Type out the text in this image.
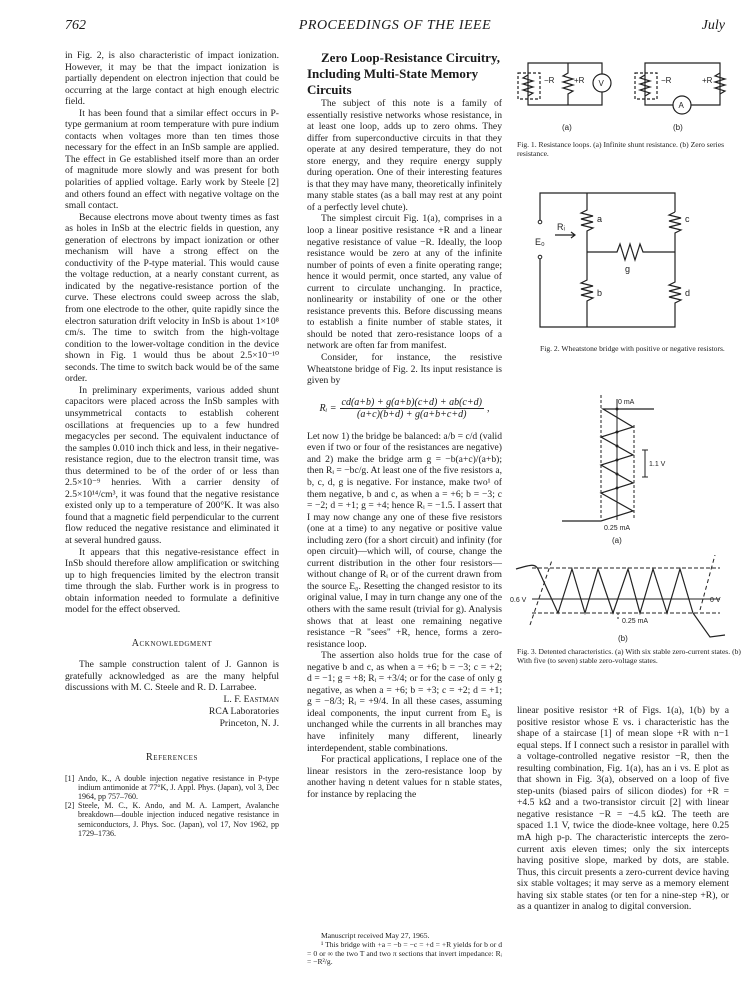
762	PROCEEDINGS OF THE IEEE	July

in Fig. 2, is also characteristic of impact ionization. However, it may be that the impact ionization is partially dependent on electron injection that could be occurring at the large contact at high enough electric field.

It has been found that a similar effect occurs in P-type germanium at room temperature with pure indium contacts when voltages more than ten times those necessary for the effect in an InSb sample are applied. The effect in Ge established itself more than an order of magnitude more slowly and was present for both polarities of applied voltage. Early work by Steele [2] and others found an effect with negative voltage on the small contact.

Because electrons move about twenty times as fast as holes in InSb at the electric fields in question, any generation of electrons by impact ionization or other mechanism will have a strong effect on the conductivity of the P-type material. This would cause the voltage reduction, at a nearly constant current, as indicated by the negative-resistance portion of the curve. These electrons could sweep across the slab, from one electrode to the other, quite rapidly since the electron saturation drift velocity in InSb is about 1×10⁸ cm/s. The time to switch from the high-voltage condition to the lower-voltage condition in the device shown in Fig. 1 would thus be about 2.5×10⁻¹⁰ seconds. The time to switch back would be of the same order.

In preliminary experiments, various added shunt capacitors were placed across the InSb samples with unsymmetrical contacts to establish coherent oscillations at frequencies up to a few hundred megacycles per second. The equivalent inductance of the samples 0.010 inch thick and less, in their negative-resistance region, due to the electron transit time, was thus determined to be of the order of or less than 2.5×10⁻⁹ henries. With a carrier density of 2.5×10¹⁴/cm³, it was found that the negative resistance existed only up to a temperature of 200°K. It was also found that a magnetic field perpendicular to the current flow reduced the negative resistance and eliminated it at several hundred gauss.

It appears that this negative-resistance effect in InSb should therefore allow amplification or switching up to high frequencies limited by the electron transit time through the slab. Further work is in progress to obtain information needed to formulate a definitive model for the effect observed.

Acknowledgment

The sample construction talent of J. Gannon is gratefully acknowledged as are the many helpful discussions with M. C. Steele and R. D. Larrabee.

L. F. Eastman
RCA Laboratories
Princeton, N. J.
References
[1] Ando, K., A double injection negative resistance in P-type indium antimonide at 77°K, J. Appl. Phys. (Japan), vol 3, Dec 1964, pp 757–760.
[2] Steele, M. C., K. Ando, and M. A. Lampert, Avalanche breakdown—double injection induced negative resistance in semiconductors, J. Phys. Soc. (Japan), vol 17, Nov 1962, pp 1729–1736.

Zero Loop-Resistance Circuitry, Including Multi-State Memory Circuits

The subject of this note is a family of essentially resistive networks whose resistance, in at least one loop, adds up to zero ohms. They differ from superconductive circuits in that they operate at any desired temperature, they do not store energy, and they require energy supply during operation. One of their interesting features is that they may have many, theoretically infinitely many stable states (as a ball may rest at any point of a perfectly level chute).

The simplest circuit Fig. 1(a), comprises in a loop a linear positive resistance +R and a linear negative resistance of value −R. Ideally, the loop resistance would be zero at any of the infinite number of points of even a finite operating range; hence it would permit, once started, any value of current to circulate unchanging. In practice, nonlinearity or instability of one or the other resistance prevents this. Before discussing means to establish a finite number of stable states, it should be noted that zero-resistance loops of a network are often far from manifest.

Consider, for instance, the resistive Wheatstone bridge of Fig. 2. Its input resistance is given by

Rᵢ = $\frac{cd(a+b) + g(a+b)(c+d) + ab(c+d)}{(a+c)(b+d) + g(a+b+c+d)}$ ,

Let now 1) the bridge be balanced: a/b = c/d (valid even if two or four of the resistances are negative) and 2) make the bridge arm g = −b(a+c)/(a+b); then Rᵢ = −bc/g. At least one of the five resistors a, b, c, d, g is negative. For instance, make two¹ of them negative, b and c, as when a = +6; b = −3; c = −2; d = +1; g = +4; hence Rᵢ = −1.5. I assert that I may now change any one of these five resistors (one at a time) to any negative or positive value including zero (for a short circuit) and infinity (for open circuit)—which will, of course, change the current distribution in the other four resistors—without change of Rᵢ or of the current drawn from the source E₀. Resetting the changed resistor to its original value, I may in turn change any one of the others with the same result (trivial for g). Analysis shows that at least one remaining negative resistance −R "sees" +R, hence, forms a zero-resistance loop.

The assertion also holds true for the case of negative b and c, as when a = +6; b = −3; c = +2; d = −1; g = +8; Rᵢ = +3/4; or for the case of only g negative, as when a = +6; b = +3; c = +2; d = +1; g = −8/3; Rᵢ = +9/4. In all these cases, assuming ideal components, the input current from E₀ is unchanged while the currents in all branches may have infinitely many different, linearly interdependent, stable combinations.

For practical applications, I replace one of the linear resistors in the zero-resistance loop by another having n detent values for n stable states, for instance by replacing the

Manuscript received May 27, 1965.
¹ This bridge with +a = −b = −c = +d = +R yields for b or d = 0 or ∞ the two T and two π sections that invert impedance: Rᵢ = −R²/g.
−R +R V	−R	+R
A
(a)	(b)
Fig. 1. Resistance loops. (a) Infinite shunt resistance. (b) Zero series resistance.
a	c
b	d
g
Rᵢ
E₀
Fig. 2. Wheatstone bridge with positive or negative resistors.
0 mA
1.1 V
0.25 mA
(a)
0.6 V	0 V
0.25 mA
(b)
Fig. 3. Detented characteristics. (a) With six stable zero-current states. (b) With five (to seven) stable zero-voltage states.

linear positive resistor +R of Figs. 1(a), 1(b) by a positive resistor whose E vs. i characteristic has the shape of a staircase [1] of mean slope +R with n−1 equal steps. If I connect such a resistor in parallel with a voltage-controlled negative resistor −R, then the resulting combination, Fig. 1(a), has an i vs. E plot as that shown in Fig. 3(a), observed on a loop of five step-units (biased pairs of silicon diodes) for +R = +4.5 kΩ and a two-transistor circuit [2] with linear negative resistance −R = −4.5 kΩ. The teeth are spaced 1.1 V, twice the diode-knee voltage, here 0.25 mA high p-p. The characteristic intercepts the zero-current axis eleven times; only the six intercepts having positive slope, marked by dots, are stable. Thus, this circuit presents a zero-current device having six stable voltages; it may serve as a memory element having six stable states (or ten for a nine-step +R), or as a quantizer in analog to digital conversion.
